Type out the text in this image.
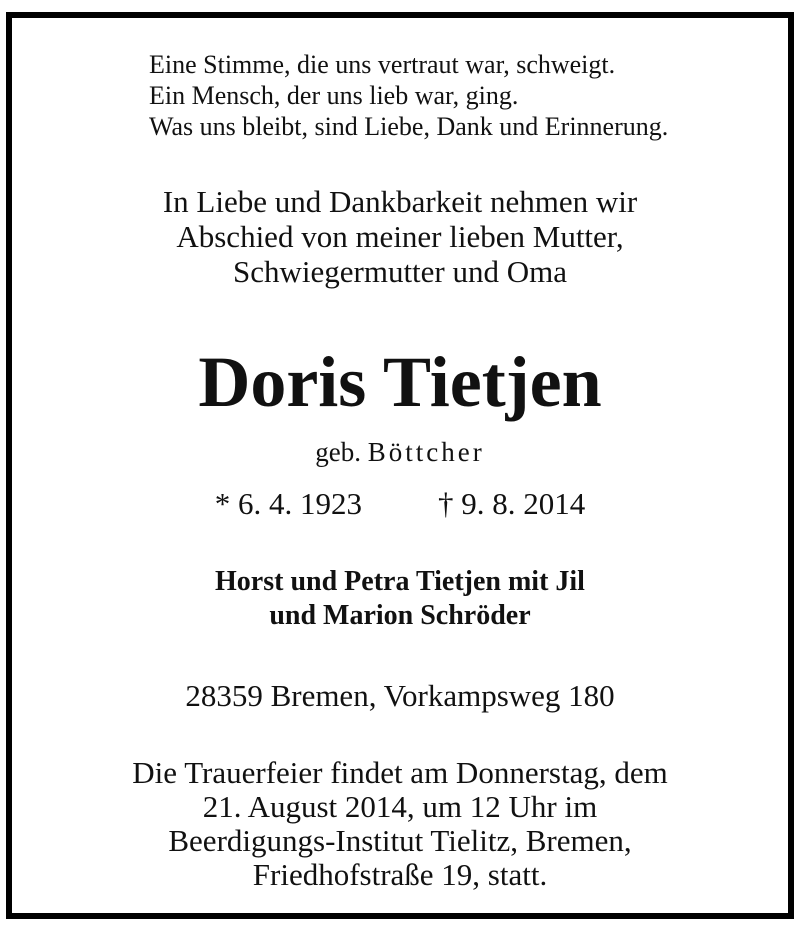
Eine Stimme, die uns vertraut war, schweigt.
Ein Mensch, der uns lieb war, ging.
Was uns bleibt, sind Liebe, Dank und Erinnerung.
In Liebe und Dankbarkeit nehmen wir
Abschied von meiner lieben Mutter,
Schwiegermutter und Oma
Doris Tietjen
geb. Böttcher
* 6. 4. 1923 † 9. 8. 2014
Horst und Petra Tietjen mit Jil
und Marion Schröder
28359 Bremen, Vorkampsweg 180
Die Trauerfeier findet am Donnerstag, dem
21. August 2014, um 12 Uhr im
Beerdigungs-Institut Tielitz, Bremen,
Friedhofstraße 19, statt.
